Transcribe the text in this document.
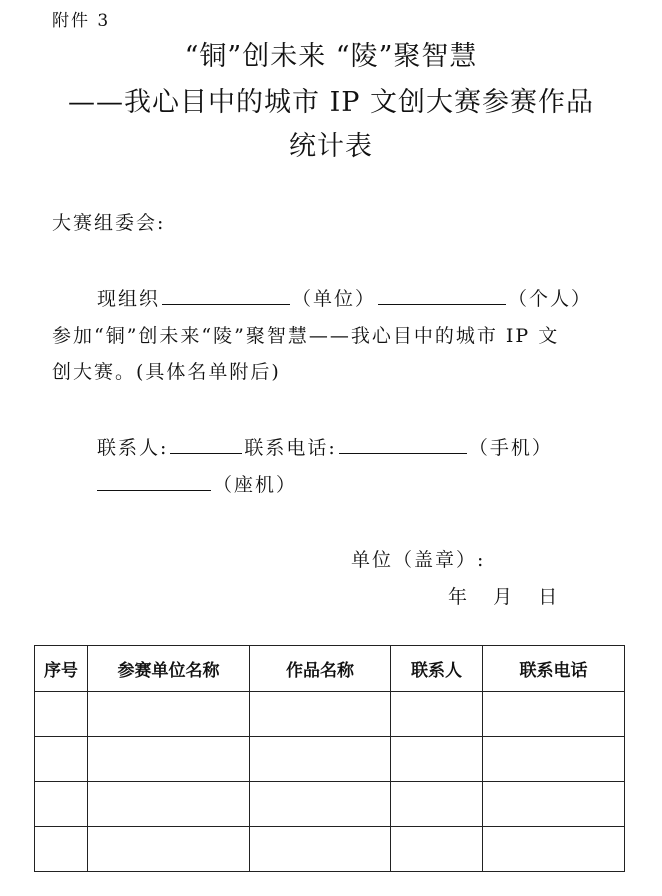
附件 3
“铜”创未来 “陵”聚智慧
——我心目中的城市 IP 文创大赛参赛作品
统计表
大赛组委会:
现组织	（单位）	（个人）
参加“铜”创未来“陵”聚智慧——我心目中的城市 IP 文
创大赛。(具体名单附后)
联系人:	联系电话:	（手机）
（座机）
单位（盖章）:
年   月   日
序号	参赛单位名称	作品名称	联系人	联系电话
